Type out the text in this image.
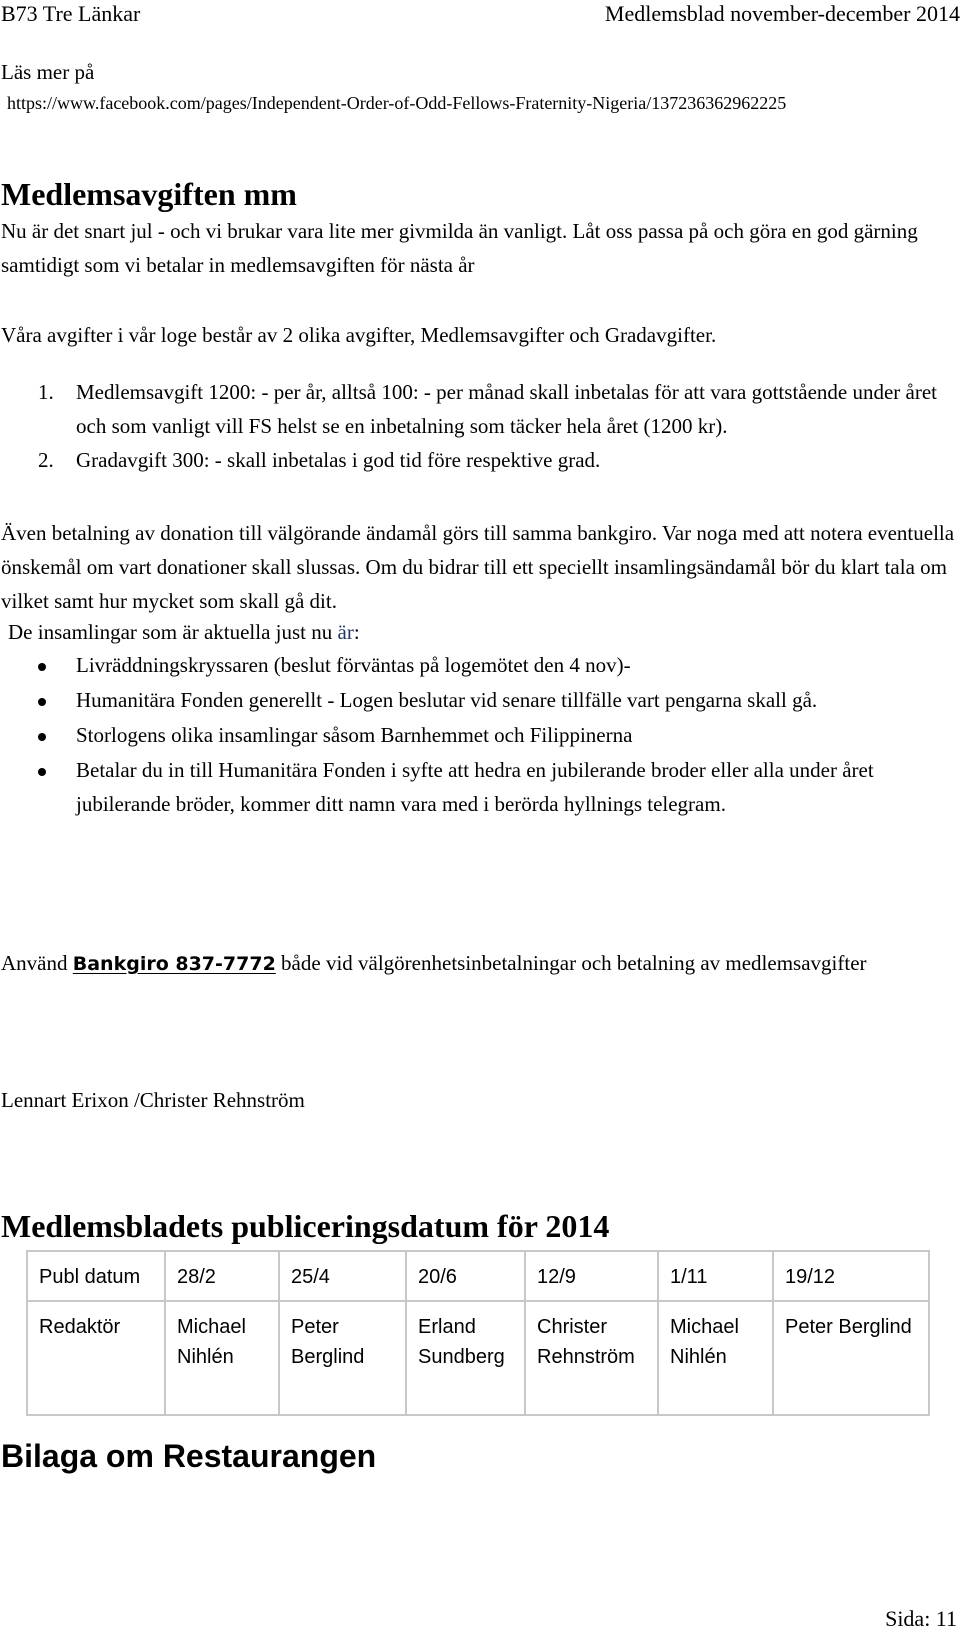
B73 Tre Länkar	Medlemsblad november-december 2014
Läs mer på
https://www.facebook.com/pages/Independent-Order-of-Odd-Fellows-Fraternity-Nigeria/137236362962225
Medlemsavgiften mm

Nu är det snart jul - och vi brukar vara lite mer givmilda än vanligt. Låt oss passa på och göra en god gärning samtidigt som vi betalar in medlemsavgiften för nästa år

Våra avgifter i vår loge består av 2 olika avgifter, Medlemsavgifter och Gradavgifter.

1. Medlemsavgift 1200: - per år, alltså 100: - per månad skall inbetalas för att vara gottstående under året och som vanligt vill FS helst se en inbetalning som täcker hela året (1200 kr).
2. Gradavgift 300: - skall inbetalas i god tid före respektive grad.

Även betalning av donation till välgörande ändamål görs till samma bankgiro. Var noga med att notera eventuella önskemål om vart donationer skall slussas. Om du bidrar till ett speciellt insamlingsändamål bör du klart tala om vilket samt hur mycket som skall gå dit.

De insamlingar som är aktuella just nu är:

Livräddningskryssaren (beslut förväntas på logemötet den 4 nov)-
Humanitära Fonden generellt - Logen beslutar vid senare tillfälle vart pengarna skall gå.
Storlogens olika insamlingar såsom Barnhemmet och Filippinerna
Betalar du in till Humanitära Fonden i syfte att hedra en jubilerande broder eller alla under året jubilerande bröder, kommer ditt namn vara med i berörda hyllnings telegram.

Använd Bankgiro 837-7772 både vid välgörenhetsinbetalningar och betalning av medlemsavgifter

Lennart Erixon /Christer Rehnström

Medlemsbladets publiceringsdatum för 2014
Publ datum	28/2	25/4	20/6	12/9	1/11	19/12
Redaktör	Michael Nihlén	Peter Berglind	Erland Sundberg	Christer Rehnström	Michael Nihlén	Peter Berglind
Bilaga om Restaurangen
Sida: 11
